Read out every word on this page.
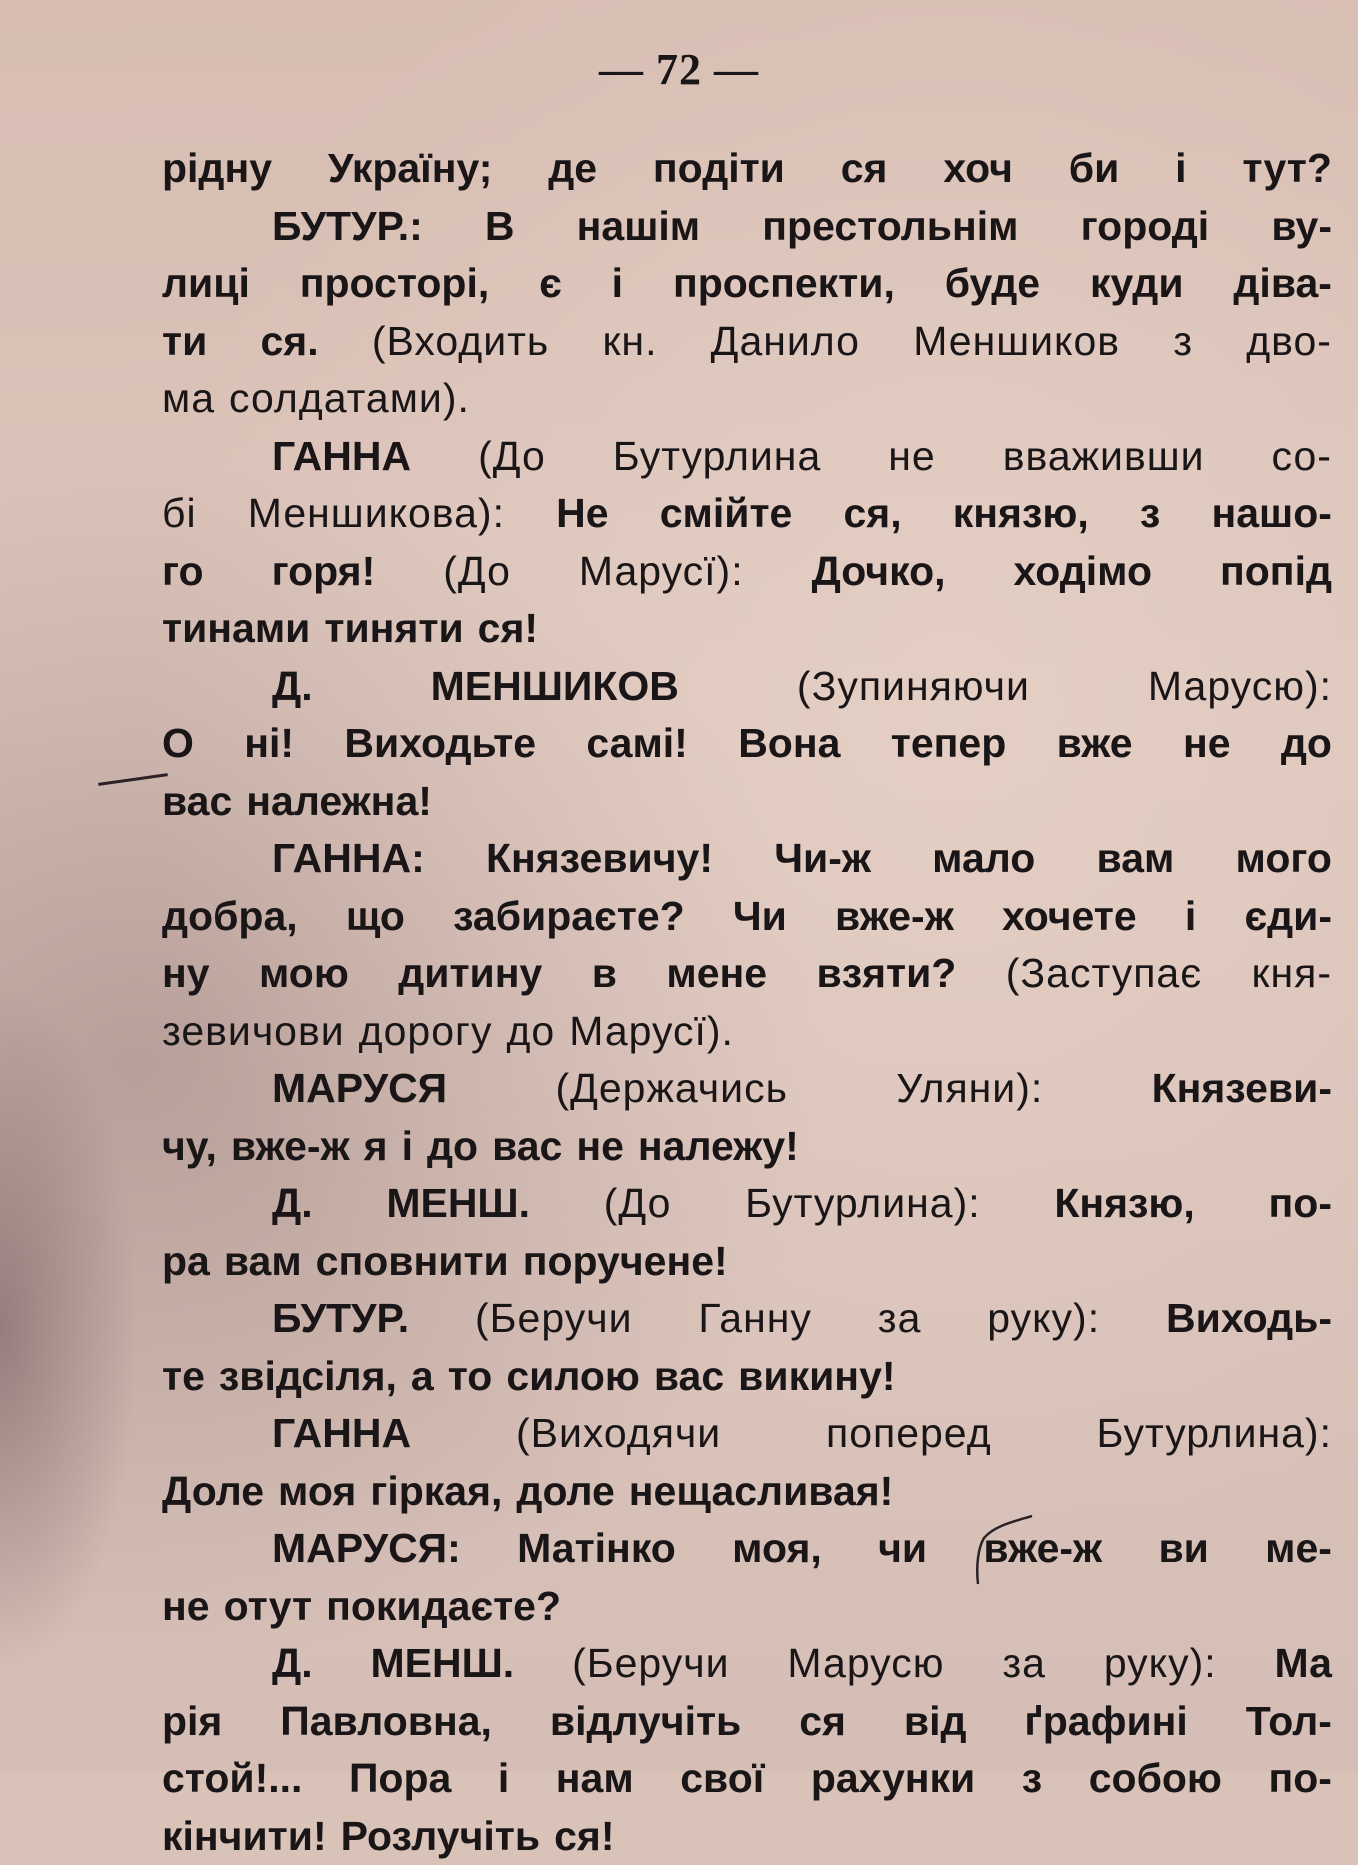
— 72 —
рідну Україну; де подіти ся хоч би і тут?
БУТУР.: В нашім престольнім городі ву-
лиці просторі, є і проспекти, буде куди діва-
ти ся. (Входить кн. Данило Меншиков з дво-
ма солдатами).
ГАННА (До Бутурлина не вваживши со-
бі Меншикова): Не смійте ся, князю, з нашо-
го горя! (До Марусї): Дочко, ходімо попід
тинами тиняти ся!
Д.	МЕНШИКОВ	(Зупиняючи	Марусю):
О ні! Виходьте самі! Вона тепер вже не до
вас належна!
ГАННА: Князевичу! Чи-ж мало вам мого
добра, що забираєте? Чи вже-ж хочете і єди-
ну мою дитину в мене взяти? (Заступає кня-
зевичови дорогу до Марусї).
МАРУСЯ	(Держачись	Уляни):	Князеви-
чу, вже-ж я і до вас не належу!
Д. МЕНШ. (До Бутурлина): Князю, по-
ра вам сповнити поручене!
БУТУР. (Беручи Ганну за руку): Виходь-
те звідсіля, а то силою вас викину!
ГАННА	(Виходячи	поперед	Бутурлина):
Доле моя гіркая, доле нещасливая!
МАРУСЯ: Матінко моя, чи вже-ж ви ме-
не отут покидаєте?
Д. МЕНШ. (Беручи Марусю за руку): Ма
рія Павловна, відлучіть ся від ґрафині Тол-
стой!... Пора і нам свої рахунки з собою по-
кінчити! Розлучіть ся!
